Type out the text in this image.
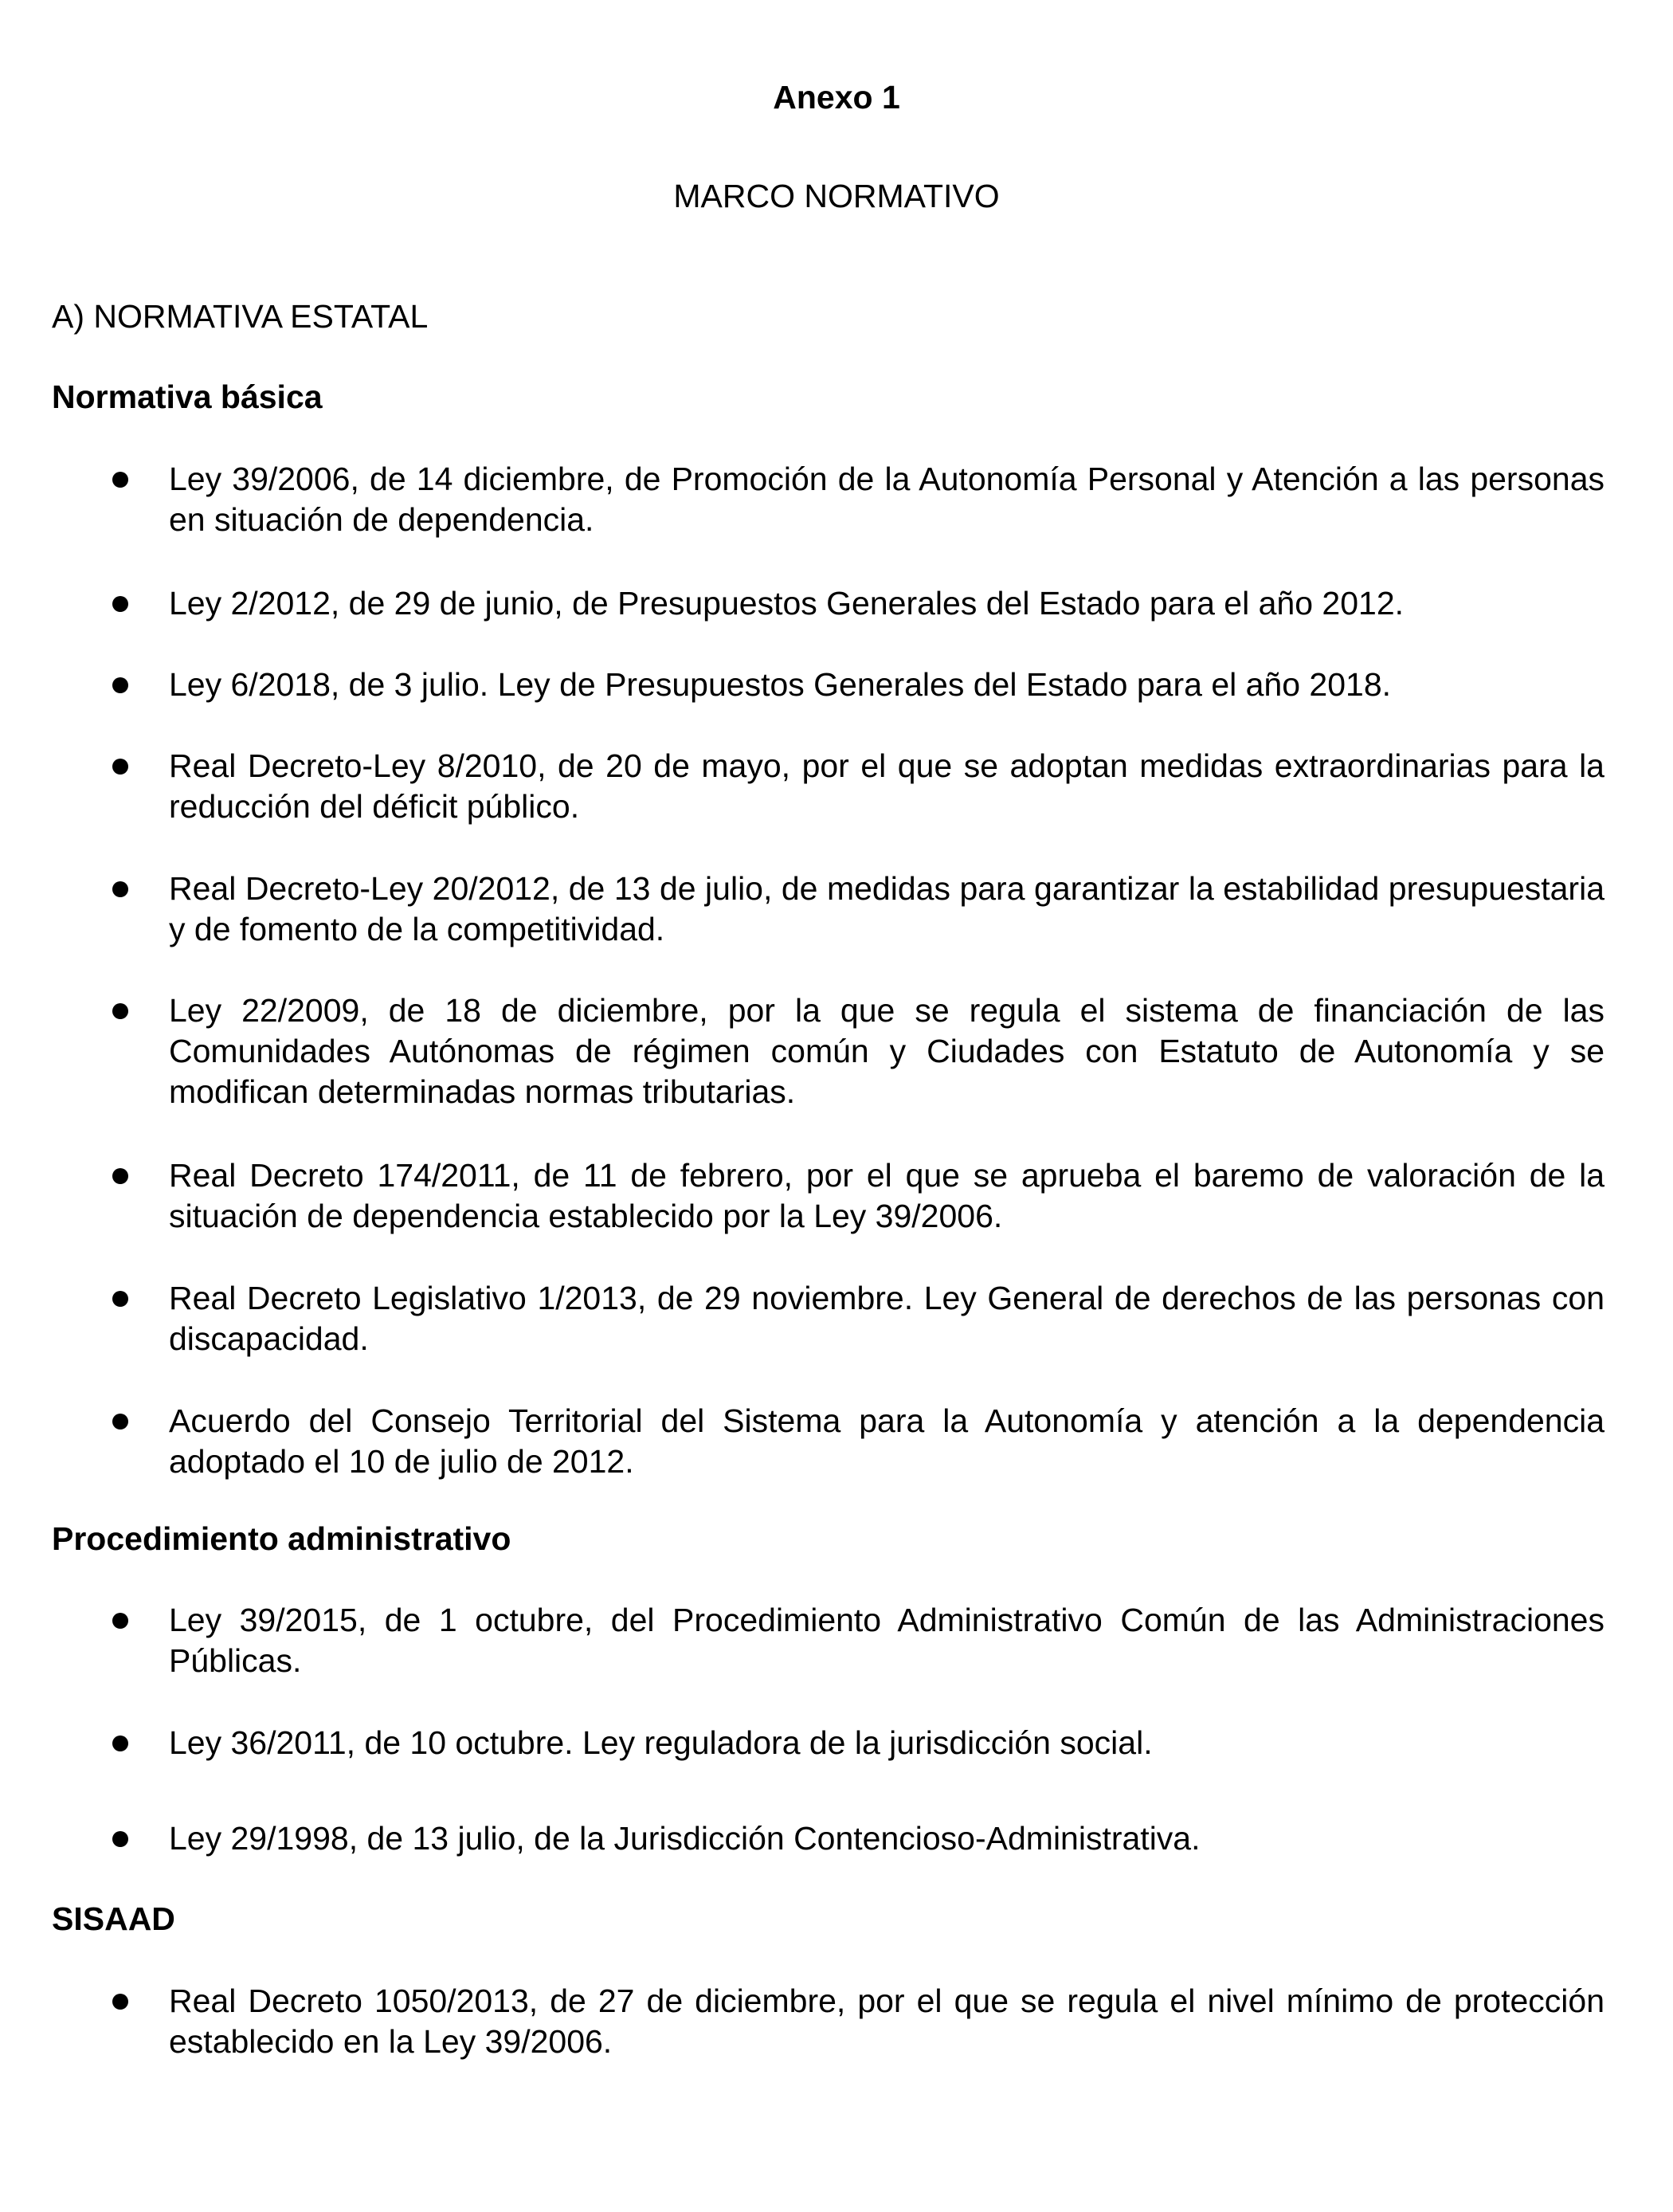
Anexo 1
MARCO NORMATIVO
A) NORMATIVA ESTATAL
Normativa básica
Ley 39/2006, de 14 diciembre, de Promoción de la Autonomía Personal y Atención a las personas en situación de dependencia.
Ley 2/2012, de 29 de junio, de Presupuestos Generales del Estado para el año 2012.
Ley 6/2018, de 3 julio. Ley de Presupuestos Generales del Estado para el año 2018.
Real Decreto-Ley 8/2010, de 20 de mayo, por el que se adoptan medidas extraordinarias para la reducción del déficit público.
Real Decreto-Ley 20/2012, de 13 de julio, de medidas para garantizar la estabilidad presupuestaria y de fomento de la competitividad.
Ley 22/2009, de 18 de diciembre, por la que se regula el sistema de financiación de las Comunidades Autónomas de régimen común y Ciudades con Estatuto de Autonomía y se modifican determinadas normas tributarias.
Real Decreto 174/2011, de 11 de febrero, por el que se aprueba el baremo de valoración de la situación de dependencia establecido por la Ley 39/2006.
Real Decreto Legislativo 1/2013, de 29 noviembre. Ley General de derechos de las personas con discapacidad.
Acuerdo del Consejo Territorial del Sistema para la Autonomía y atención a la dependencia adoptado el 10 de julio de 2012.
Procedimiento administrativo
Ley 39/2015, de 1 octubre, del Procedimiento Administrativo Común de las Administraciones Públicas.
Ley 36/2011, de 10 octubre. Ley reguladora de la jurisdicción social.
Ley 29/1998, de 13 julio, de la Jurisdicción Contencioso-Administrativa.
SISAAD
Real Decreto 1050/2013, de 27 de diciembre, por el que se regula el nivel mínimo de protección establecido en la Ley 39/2006.
